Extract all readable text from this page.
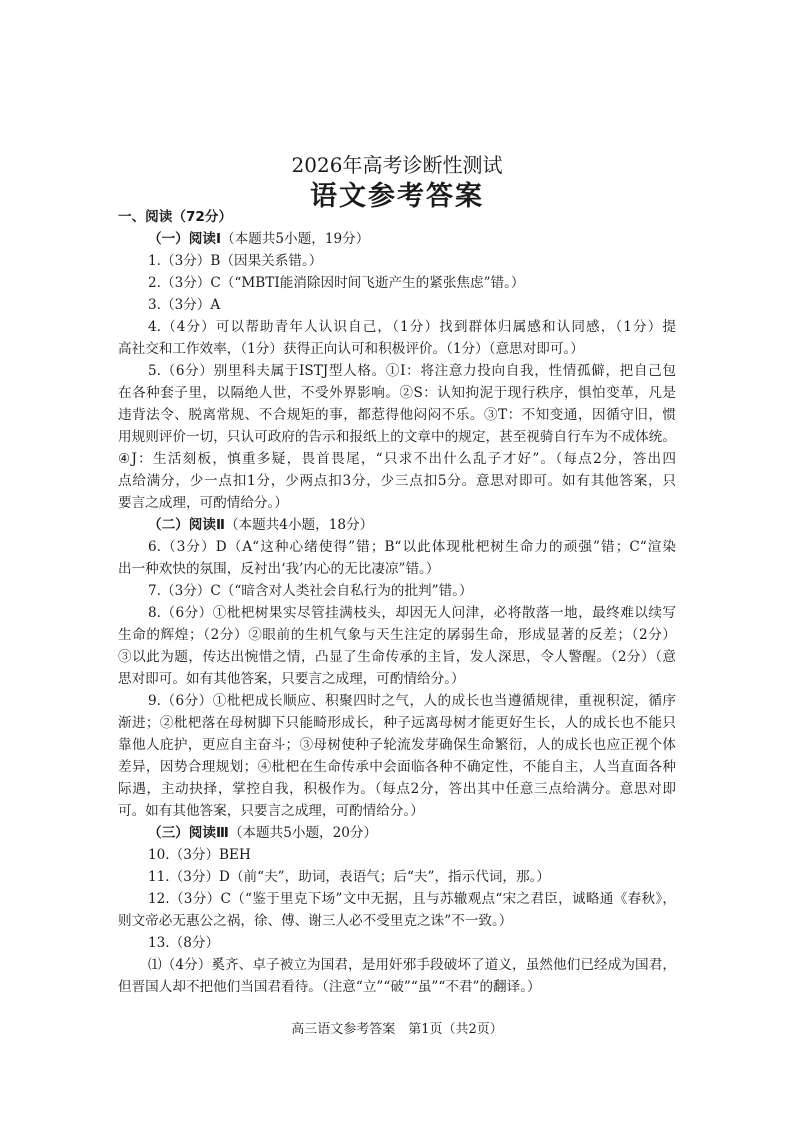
2026年高考诊断性测试
语文参考答案
一、阅读（72分）
（一）阅读Ⅰ（本题共5小题，19分）
1.（3分）B（因果关系错。）
2.（3分）C（“MBTI能消除因时间飞逝产生的紧张焦虑”错。）
3.（3分）A
4.（4分）可以帮助青年人认识自己，（1分）找到群体归属感和认同感，（1分）提
高社交和工作效率，（1分）获得正向认可和积极评价。（1分）（意思对即可。）
5.（6分）别里科夫属于ISTJ型人格。①I：将注意力投向自我，性情孤僻，把自己包
在各种套子里，以隔绝人世，不受外界影响。②S：认知拘泥于现行秩序，惧怕变革，凡是
违背法令、脱离常规、不合规矩的事，都惹得他闷闷不乐。③T：不知变通，因循守旧，惯
用规则评价一切，只认可政府的告示和报纸上的文章中的规定，甚至视骑自行车为不成体统。
④J：生活刻板，慎重多疑，畏首畏尾，“只求不出什么乱子才好”。（每点2分，答出四
点给满分，少一点扣1分，少两点扣3分，少三点扣5分。意思对即可。如有其他答案，只
要言之成理，可酌情给分。）
（二）阅读Ⅱ（本题共4小题，18分）
6.（3分）D（A“这种心绪使得”错；B“以此体现枇杷树生命力的顽强”错；C“渲染
出一种欢快的氛围，反衬出‘我’内心的无比凄凉”错。）
7.（3分）C（“暗含对人类社会自私行为的批判”错。）
8.（6分）①枇杷树果实尽管挂满枝头，却因无人问津，必将散落一地，最终难以续写
生命的辉煌；（2分）②眼前的生机气象与天生注定的孱弱生命，形成显著的反差；（2分）
③以此为题，传达出惋惜之情，凸显了生命传承的主旨，发人深思，令人警醒。（2分）（意
思对即可。如有其他答案，只要言之成理，可酌情给分。）
9.（6分）①枇杷成长顺应、积聚四时之气，人的成长也当遵循规律，重视积淀，循序
渐进；②枇杷落在母树脚下只能畸形成长，种子远离母树才能更好生长，人的成长也不能只
靠他人庇护，更应自主奋斗；③母树使种子轮流发芽确保生命繁衍，人的成长也应正视个体
差异，因势合理规划；④枇杷在生命传承中会面临各种不确定性，不能自主，人当直面各种
际遇，主动抉择，掌控自我，积极作为。（每点2分，答出其中任意三点给满分。意思对即
可。如有其他答案，只要言之成理，可酌情给分。）
（三）阅读Ⅲ（本题共5小题，20分）
10.（3分）BEH
11.（3分）D（前“夫”，助词，表语气；后“夫”，指示代词，那。）
12.（3分）C（“鉴于里克下场”文中无据，且与苏辙观点“宋之君臣，诚略通《春秋》，
则文帝必无惠公之祸，徐、傅、谢三人必不受里克之诛”不一致。）
13.（8分）
⑴（4分）奚齐、卓子被立为国君，是用奸邪手段破坏了道义，虽然他们已经成为国君，
但晋国人却不把他们当国君看待。（注意“立”“破”“虽”“不君”的翻译。）
高三语文参考答案　第1页（共2页）
